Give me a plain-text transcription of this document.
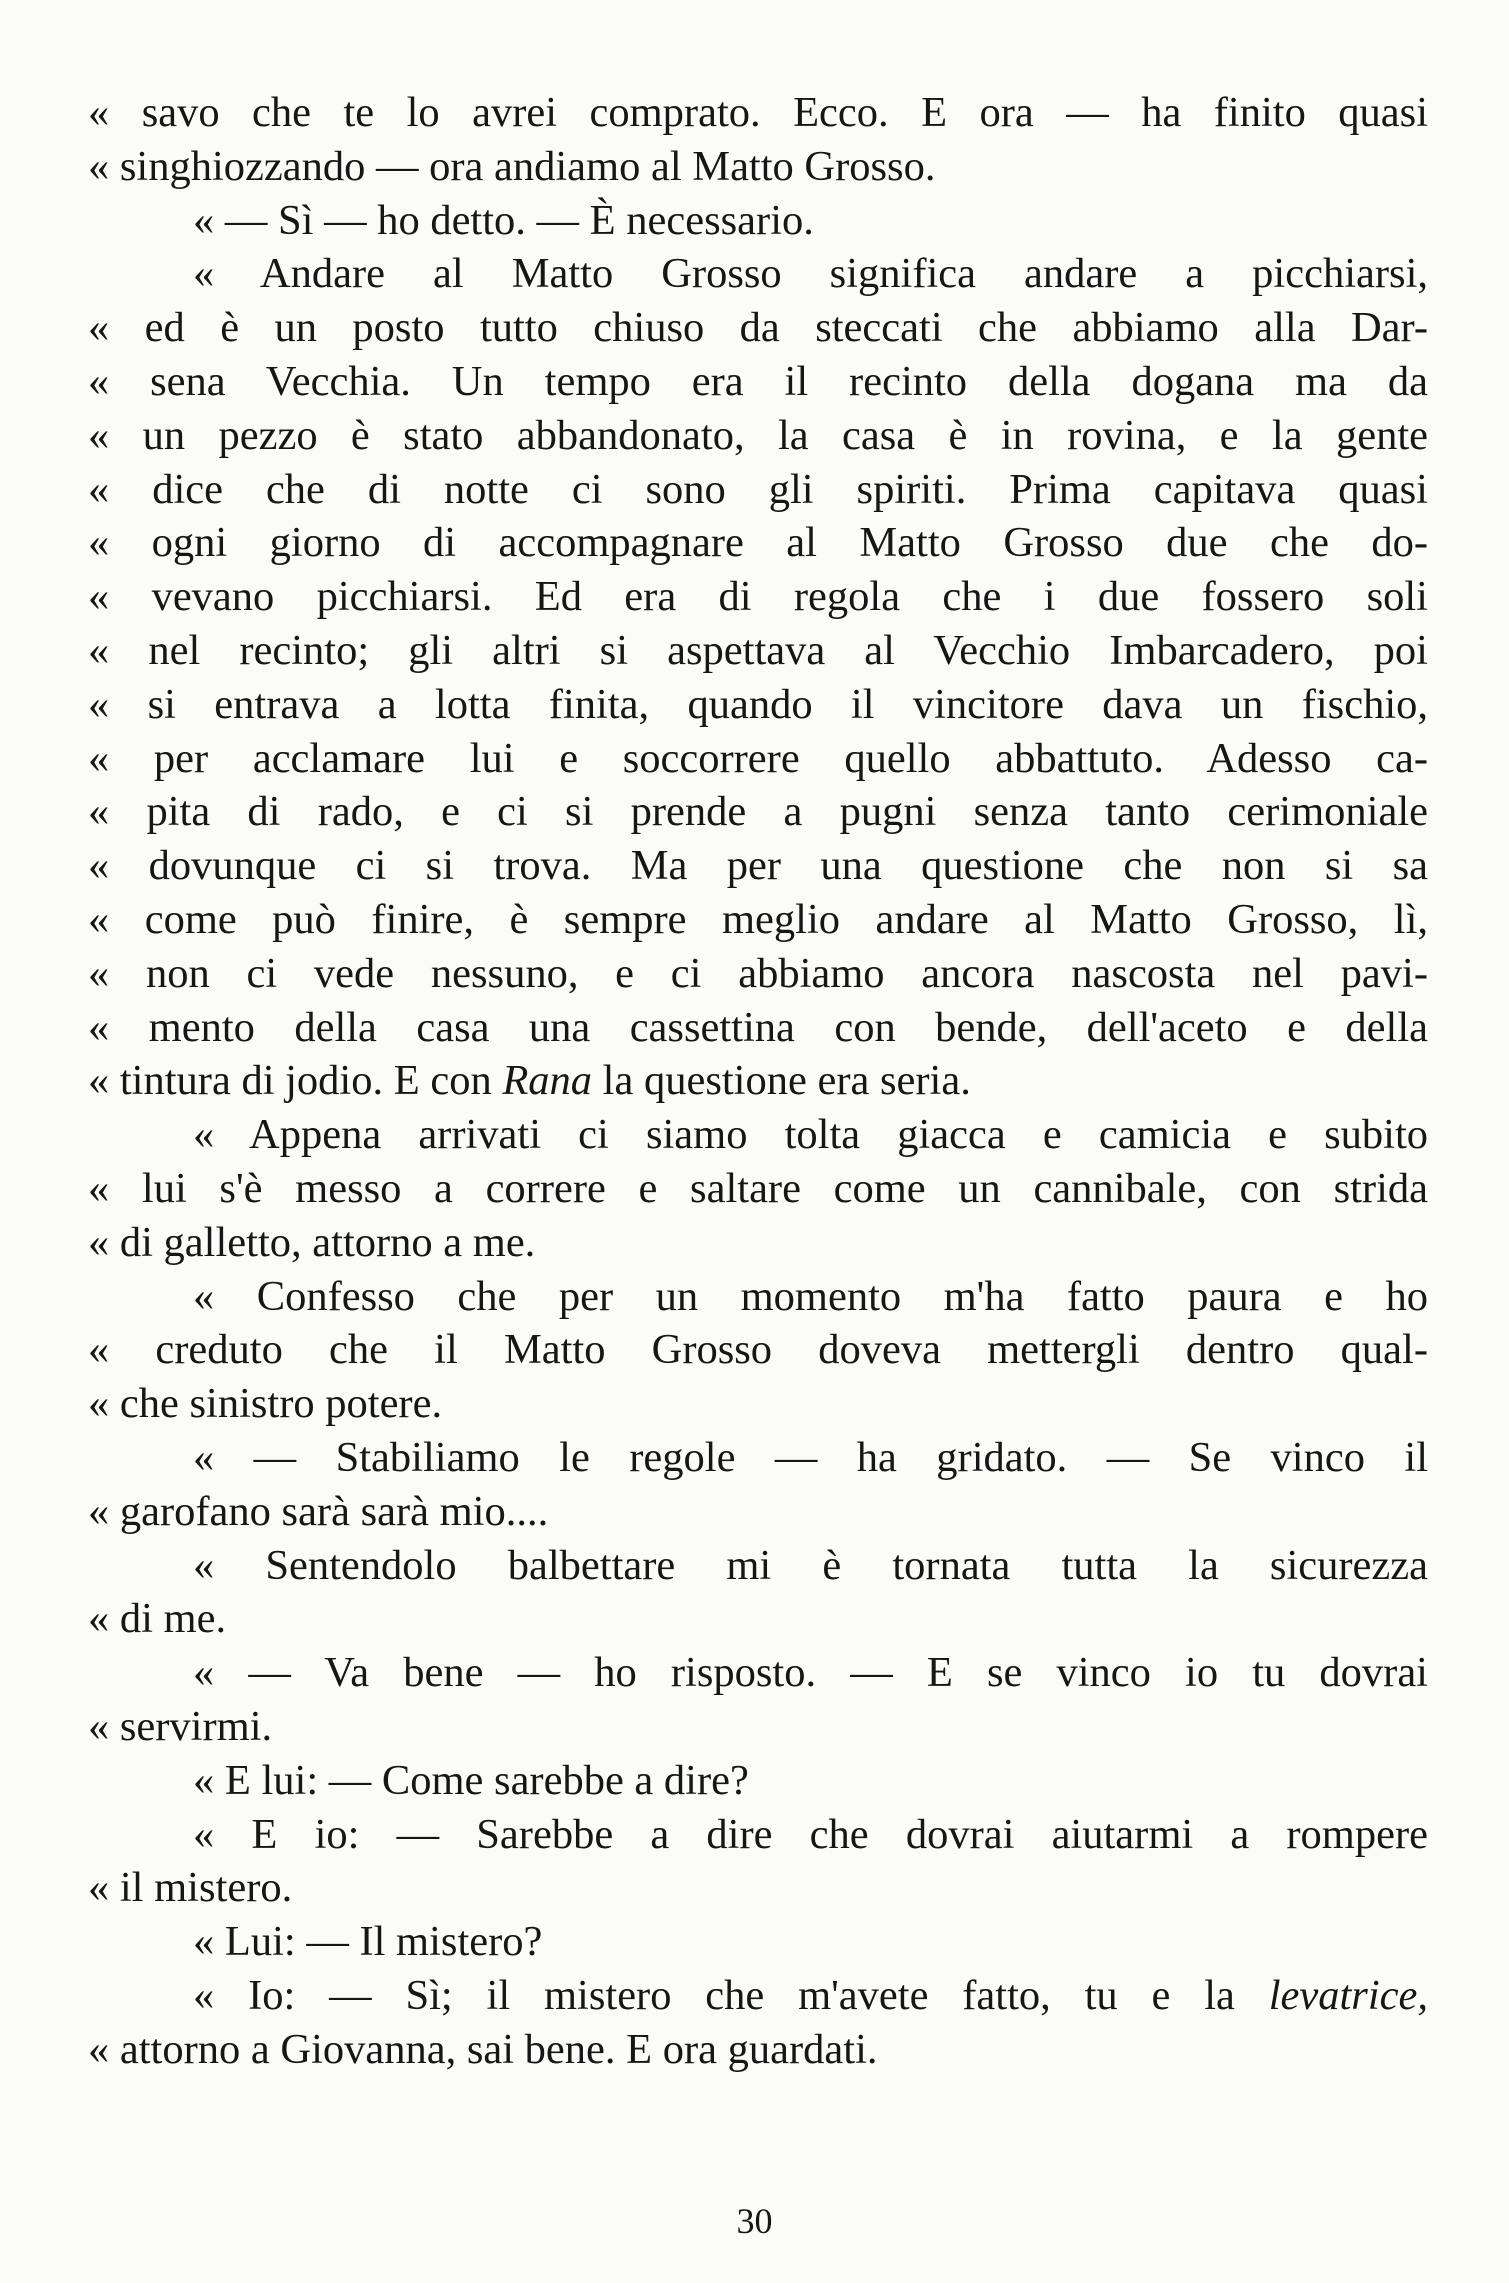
« savo che te lo avrei comprato. Ecco. E ora — ha finito quasi
« singhiozzando — ora andiamo al Matto Grosso.
« — Sì — ho detto. — È necessario.
« Andare al Matto Grosso significa andare a picchiarsi,
« ed è un posto tutto chiuso da steccati che abbiamo alla Dar-
« sena Vecchia. Un tempo era il recinto della dogana ma da
« un pezzo è stato abbandonato, la casa è in rovina, e la gente
« dice che di notte ci sono gli spiriti. Prima capitava quasi
« ogni giorno di accompagnare al Matto Grosso due che do-
« vevano picchiarsi. Ed era di regola che i due fossero soli
« nel recinto; gli altri si aspettava al Vecchio Imbarcadero, poi
« si entrava a lotta finita, quando il vincitore dava un fischio,
« per acclamare lui e soccorrere quello abbattuto. Adesso ca-
« pita di rado, e ci si prende a pugni senza tanto cerimoniale
« dovunque ci si trova. Ma per una questione che non si sa
« come può finire, è sempre meglio andare al Matto Grosso, lì,
« non ci vede nessuno, e ci abbiamo ancora nascosta nel pavi-
« mento della casa una cassettina con bende, dell'aceto e della
« tintura di jodio. E con Rana la questione era seria.
« Appena arrivati ci siamo tolta giacca e camicia e subito
« lui s'è messo a correre e saltare come un cannibale, con strida
« di galletto, attorno a me.
« Confesso che per un momento m'ha fatto paura e ho
« creduto che il Matto Grosso doveva mettergli dentro qual-
« che sinistro potere.
« — Stabiliamo le regole — ha gridato. — Se vinco il
« garofano sarà sarà mio....
« Sentendolo balbettare mi è tornata tutta la sicurezza
« di me.
« — Va bene — ho risposto. — E se vinco io tu dovrai
« servirmi.
« E lui: — Come sarebbe a dire?
« E io: — Sarebbe a dire che dovrai aiutarmi a rompere
« il mistero.
« Lui: — Il mistero?
« Io: — Sì; il mistero che m'avete fatto, tu e la levatrice,
« attorno a Giovanna, sai bene. E ora guardati.
30
